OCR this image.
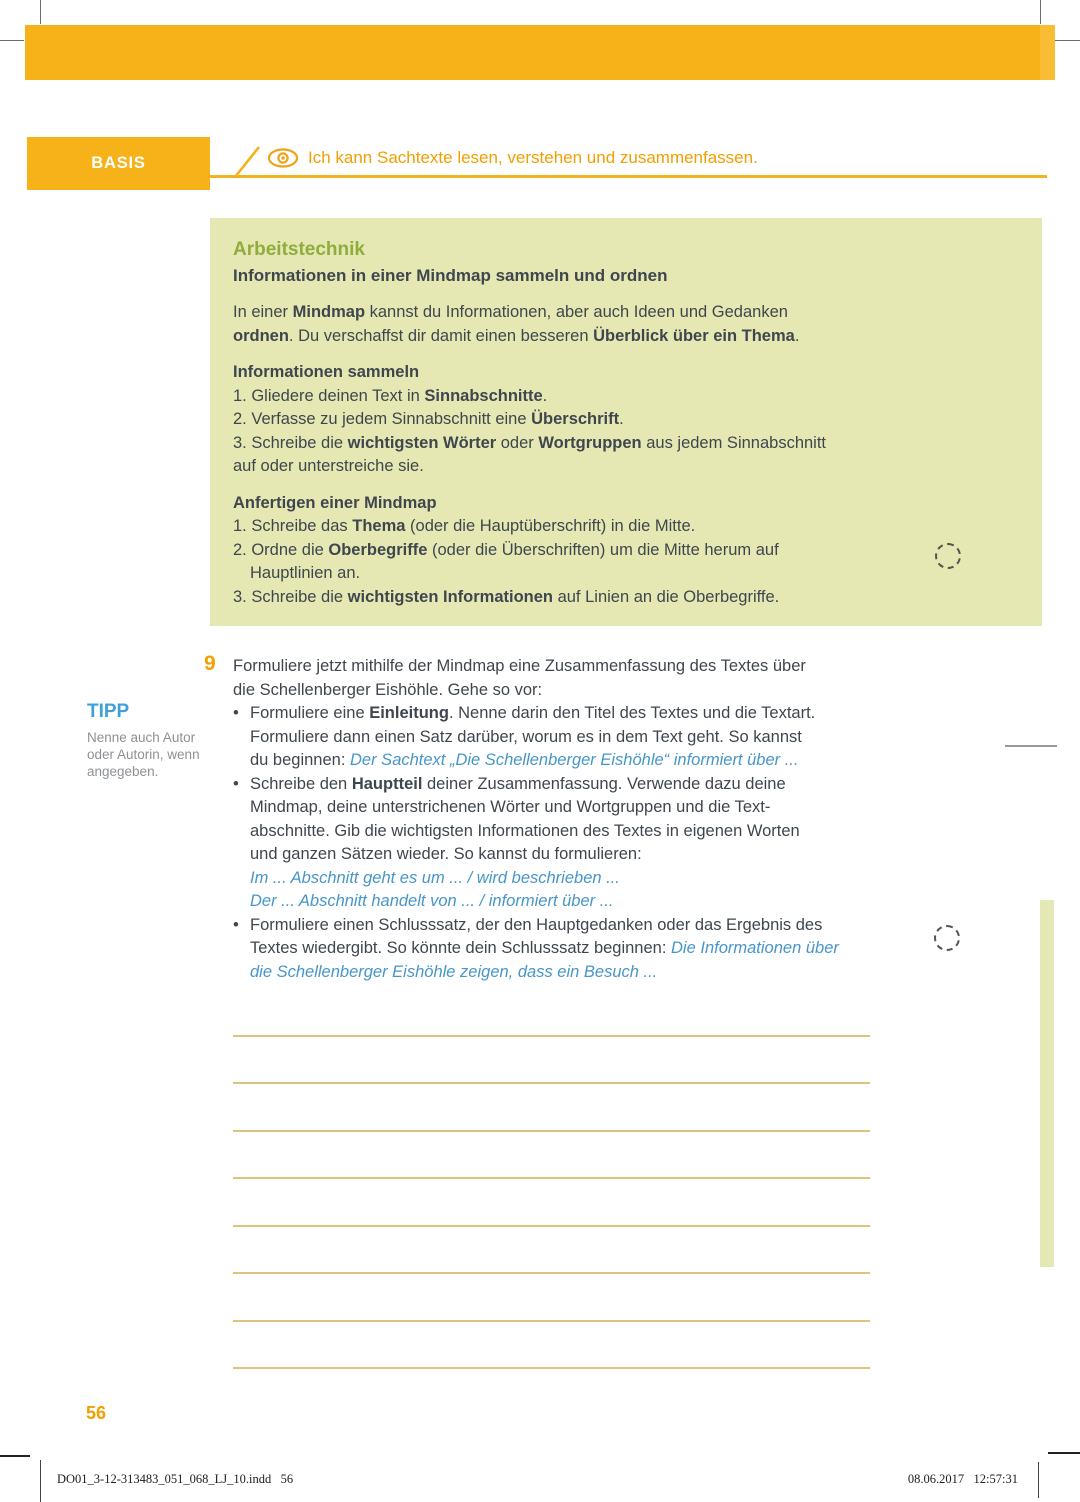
BASIS	Ich kann Sachtexte lesen, verstehen und zusammenfassen.
Arbeitstechnik
Informationen in einer Mindmap sammeln und ordnen
In einer Mindmap kannst du Informationen, aber auch Ideen und Gedanken
ordnen. Du verschaffst dir damit einen besseren Überblick über ein Thema.
Informationen sammeln
1. Gliedere deinen Text in Sinnabschnitte.
2. Verfasse zu jedem Sinnabschnitt eine Überschrift.
3. Schreibe die wichtigsten Wörter oder Wortgruppen aus jedem Sinnabschnitt
auf oder unterstreiche sie.
Anfertigen einer Mindmap
1. Schreibe das Thema (oder die Hauptüberschrift) in die Mitte.
2. Ordne die Oberbegriffe (oder die Überschriften) um die Mitte herum auf
Hauptlinien an.
3. Schreibe die wichtigsten Informationen auf Linien an die Oberbegriffe.
9 Formuliere jetzt mithilfe der Mindmap eine Zusammenfassung des Textes über
die Schellenberger Eishöhle. Gehe so vor:
• Formuliere eine Einleitung. Nenne darin den Titel des Textes und die Textart.
Formuliere dann einen Satz darüber, worum es in dem Text geht. So kannst
du beginnen: Der Sachtext „Die Schellenberger Eishöhle“ informiert über ...
• Schreibe den Hauptteil deiner Zusammenfassung. Verwende dazu deine
Mindmap, deine unterstrichenen Wörter und Wortgruppen und die Text-
abschnitte. Gib die wichtigsten Informationen des Textes in eigenen Worten
und ganzen Sätzen wieder. So kannst du formulieren:
Im ... Abschnitt geht es um ... / wird beschrieben ...
Der ... Abschnitt handelt von ... / informiert über ...
• Formuliere einen Schlusssatz, der den Hauptgedanken oder das Ergebnis des
Textes wiedergibt. So könnte dein Schlusssatz beginnen: Die Informationen über
die Schellenberger Eishöhle zeigen, dass ein Besuch ...
TIPP
Nenne auch Autor
oder Autorin, wenn
angegeben.
56
DO01_3-12-313483_051_068_LJ_10.indd   56	08.06.2017   12:57:31
